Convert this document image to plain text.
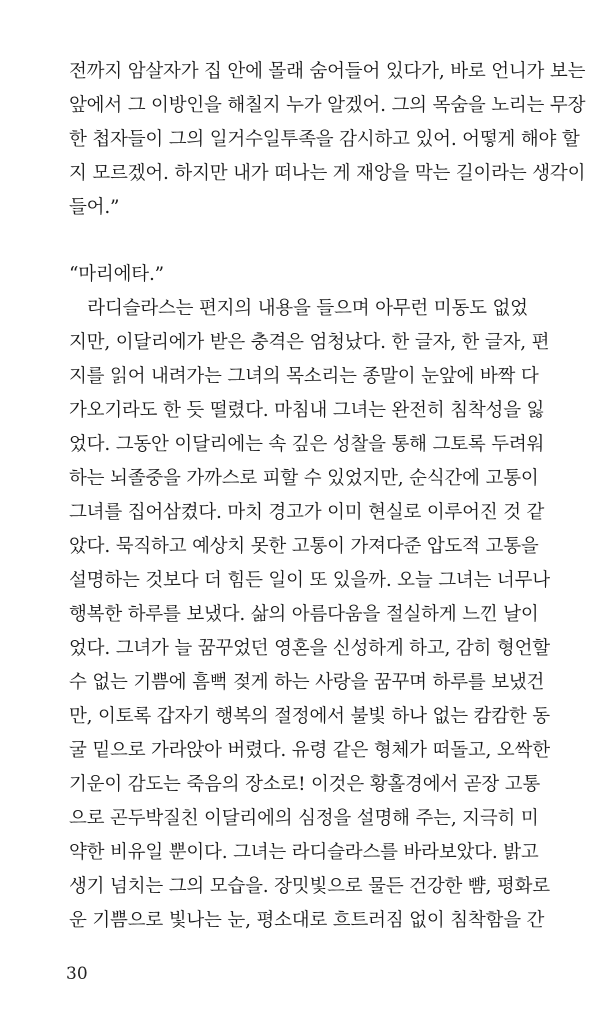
전까지 암살자가 집 안에 몰래 숨어들어 있다가, 바로 언니가 보는
앞에서 그 이방인을 해칠지 누가 알겠어. 그의 목숨을 노리는 무장
한 첩자들이 그의 일거수일투족을 감시하고 있어. 어떻게 해야 할
지 모르겠어. 하지만 내가 떠나는 게 재앙을 막는 길이라는 생각이
들어.”
“마리에타.”
　라디슬라스는 편지의 내용을 들으며 아무런 미동도 없었
지만, 이달리에가 받은 충격은 엄청났다. 한 글자, 한 글자, 편
지를 읽어 내려가는 그녀의 목소리는 종말이 눈앞에 바짝 다
가오기라도 한 듯 떨렸다. 마침내 그녀는 완전히 침착성을 잃
었다. 그동안 이달리에는 속 깊은 성찰을 통해 그토록 두려워
하는 뇌졸중을 가까스로 피할 수 있었지만, 순식간에 고통이
그녀를 집어삼켰다. 마치 경고가 이미 현실로 이루어진 것 같
았다. 묵직하고 예상치 못한 고통이 가져다준 압도적 고통을
설명하는 것보다 더 힘든 일이 또 있을까. 오늘 그녀는 너무나
행복한 하루를 보냈다. 삶의 아름다움을 절실하게 느낀 날이
었다. 그녀가 늘 꿈꾸었던 영혼을 신성하게 하고, 감히 형언할
수 없는 기쁨에 흠뻑 젖게 하는 사랑을 꿈꾸며 하루를 보냈건
만, 이토록 갑자기 행복의 절정에서 불빛 하나 없는 캄캄한 동
굴 밑으로 가라앉아 버렸다. 유령 같은 형체가 떠돌고, 오싹한
기운이 감도는 죽음의 장소로! 이것은 황홀경에서 곧장 고통
으로 곤두박질친 이달리에의 심정을 설명해 주는, 지극히 미
약한 비유일 뿐이다. 그녀는 라디슬라스를 바라보았다. 밝고
생기 넘치는 그의 모습을. 장밋빛으로 물든 건강한 뺨, 평화로
운 기쁨으로 빛나는 눈, 평소대로 흐트러짐 없이 침착함을 간
30
